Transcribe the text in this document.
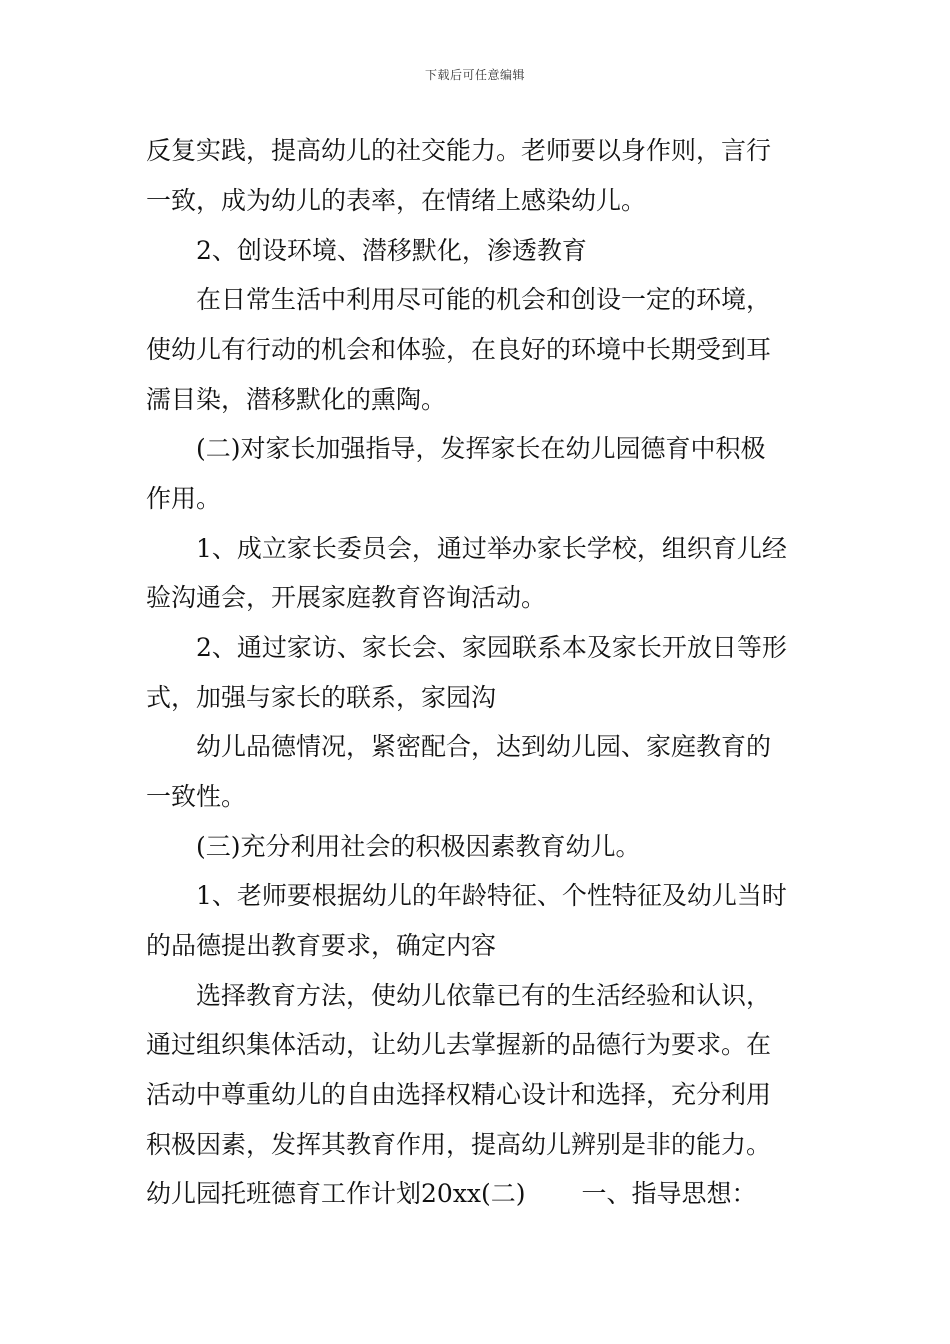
下载后可任意编辑
反复实践，提高幼儿的社交能力。老师要以身作则，言行
一致，成为幼儿的表率，在情绪上感染幼儿。
2、创设环境、潜移默化，渗透教育
在日常生活中利用尽可能的机会和创设一定的环境，
使幼儿有行动的机会和体验，在良好的环境中长期受到耳
濡目染，潜移默化的熏陶。
(二)对家长加强指导，发挥家长在幼儿园德育中积极
作用。
1、成立家长委员会，通过举办家长学校，组织育儿经
验沟通会，开展家庭教育咨询活动。
2、通过家访、家长会、家园联系本及家长开放日等形
式，加强与家长的联系，家园沟
幼儿品德情况，紧密配合，达到幼儿园、家庭教育的
一致性。
(三)充分利用社会的积极因素教育幼儿。
1、老师要根据幼儿的年龄特征、个性特征及幼儿当时
的品德提出教育要求，确定内容
选择教育方法，使幼儿依靠已有的生活经验和认识，
通过组织集体活动，让幼儿去掌握新的品德行为要求。在
活动中尊重幼儿的自由选择权精心设计和选择，充分利用
积极因素，发挥其教育作用，提高幼儿辨别是非的能力。
幼儿园托班德育工作计划20xx(二) 一、指导思想：
